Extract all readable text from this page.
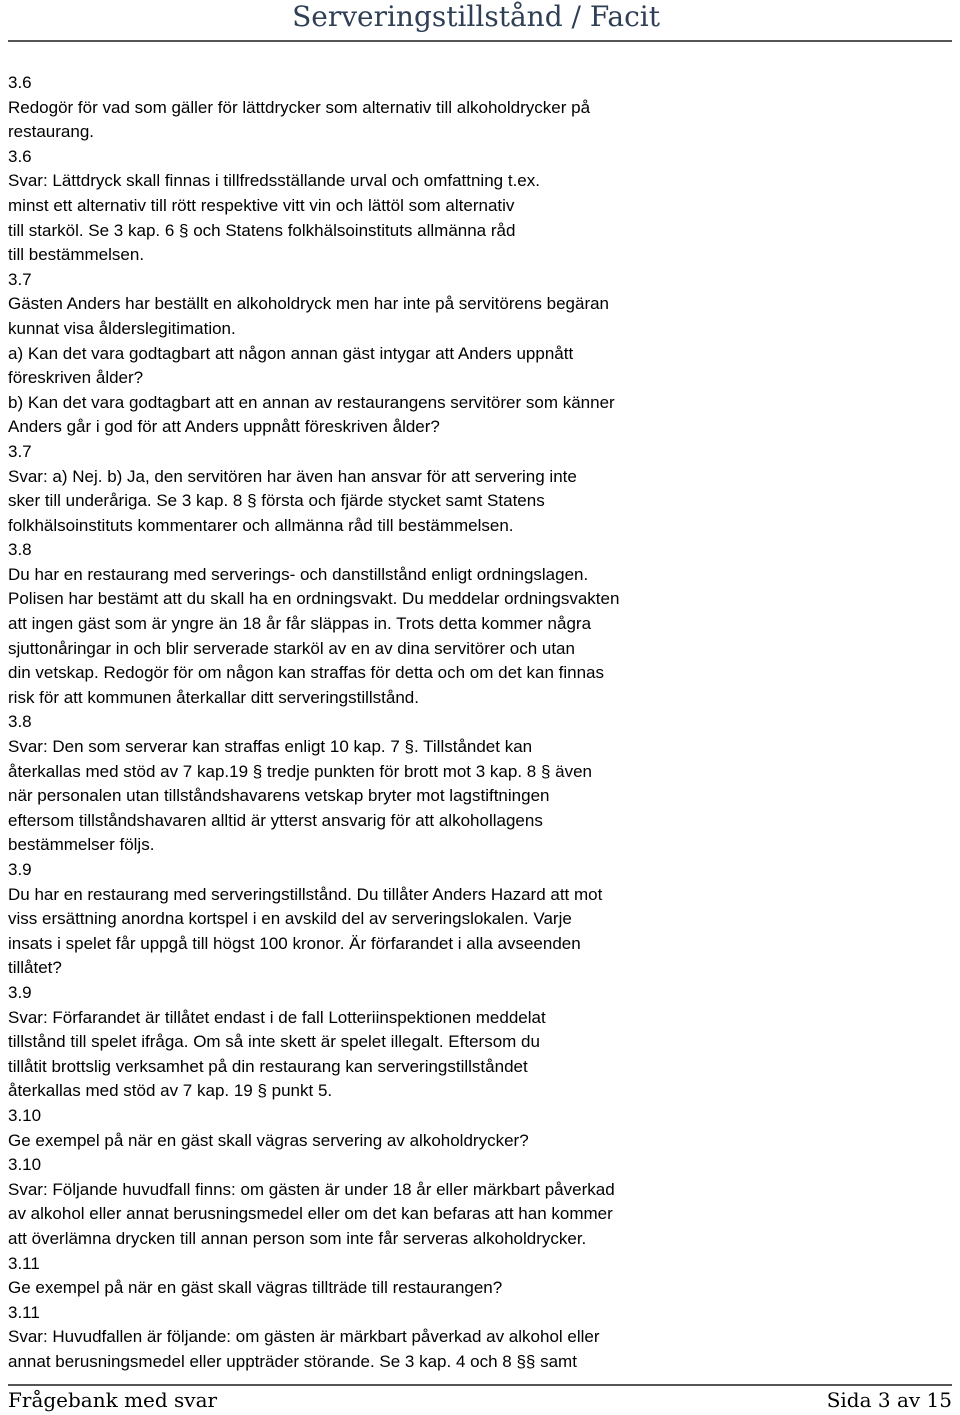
Serveringstillstånd / Facit
3.6
Redogör för vad som gäller för lättdrycker som alternativ till alkoholdrycker på
restaurang.
3.6
Svar: Lättdryck skall finnas i tillfredsställande urval och omfattning t.ex.
minst ett alternativ till rött respektive vitt vin och lättöl som alternativ
till starköl. Se 3 kap. 6 § och Statens folkhälsoinstituts allmänna råd
till bestämmelsen.
3.7
Gästen Anders har beställt en alkoholdryck men har inte på servitörens begäran
kunnat visa ålderslegitimation.
a) Kan det vara godtagbart att någon annan gäst intygar att Anders uppnått
föreskriven ålder?
b) Kan det vara godtagbart att en annan av restaurangens servitörer som känner
Anders går i god för att Anders uppnått föreskriven ålder?
3.7
Svar: a) Nej. b) Ja, den servitören har även han ansvar för att servering inte
sker till underåriga. Se 3 kap. 8 § första och fjärde stycket samt Statens
folkhälsoinstituts kommentarer och allmänna råd till bestämmelsen.
3.8
Du har en restaurang med serverings- och danstillstånd enligt ordningslagen.
Polisen har bestämt att du skall ha en ordningsvakt. Du meddelar ordningsvakten
att ingen gäst som är yngre än 18 år får släppas in. Trots detta kommer några
sjuttonåringar in och blir serverade starköl av en av dina servitörer och utan
din vetskap. Redogör för om någon kan straffas för detta och om det kan finnas
risk för att kommunen återkallar ditt serveringstillstånd.
3.8
Svar: Den som serverar kan straffas enligt 10 kap. 7 §. Tillståndet kan
återkallas med stöd av 7 kap.19 § tredje punkten för brott mot 3 kap. 8 § även
när personalen utan tillståndshavarens vetskap bryter mot lagstiftningen
eftersom tillståndshavaren alltid är ytterst ansvarig för att alkohollagens
bestämmelser följs.
3.9
Du har en restaurang med serveringstillstånd. Du tillåter Anders Hazard att mot
viss ersättning anordna kortspel i en avskild del av serveringslokalen. Varje
insats i spelet får uppgå till högst 100 kronor. Är förfarandet i alla avseenden
tillåtet?
3.9
Svar: Förfarandet är tillåtet endast i de fall Lotteriinspektionen meddelat
tillstånd till spelet ifråga. Om så inte skett är spelet illegalt. Eftersom du
tillåtit brottslig verksamhet på din restaurang kan serveringstillståndet
återkallas med stöd av 7 kap. 19 § punkt 5.
3.10
Ge exempel på när en gäst skall vägras servering av alkoholdrycker?
3.10
Svar: Följande huvudfall finns: om gästen är under 18 år eller märkbart påverkad
av alkohol eller annat berusningsmedel eller om det kan befaras att han kommer
att överlämna drycken till annan person som inte får serveras alkoholdrycker.
3.11
Ge exempel på när en gäst skall vägras tillträde till restaurangen?
3.11
Svar: Huvudfallen är följande: om gästen är märkbart påverkad av alkohol eller
annat berusningsmedel eller uppträder störande. Se 3 kap. 4 och 8 §§ samt
Frågebank med svar	Sida 3 av 15
